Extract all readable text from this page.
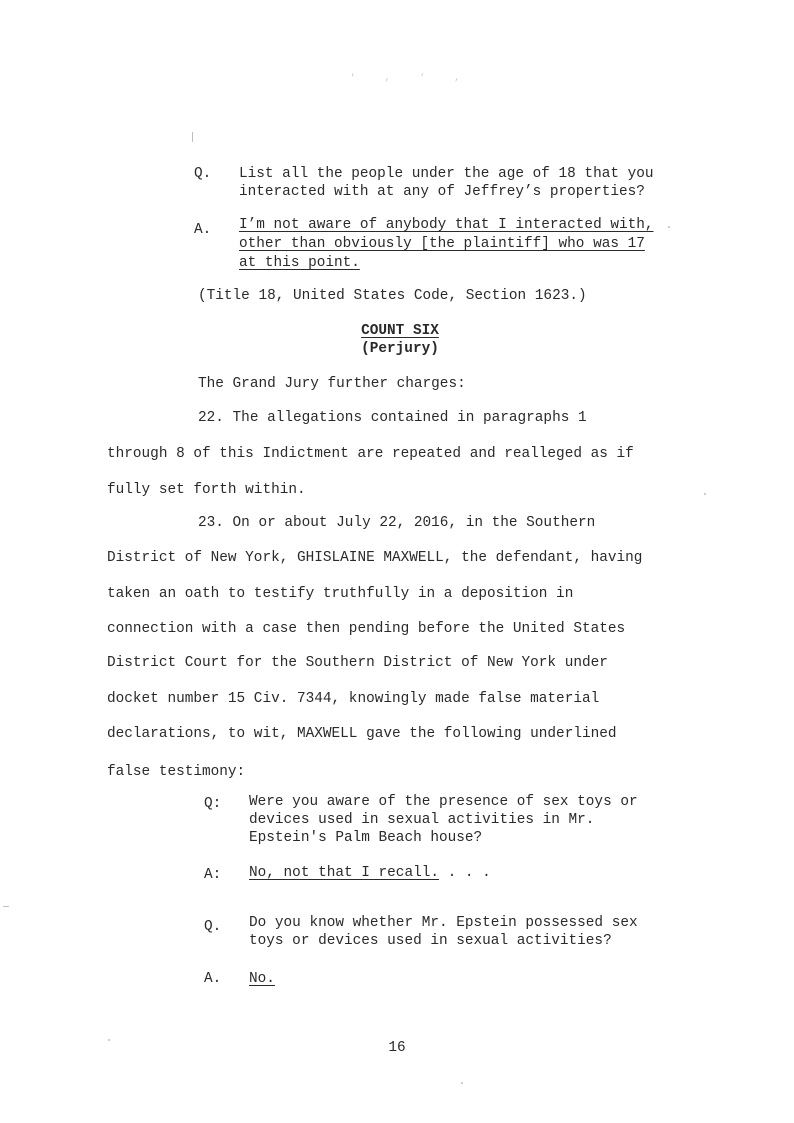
' , ’ ,
Q. List all the people under the age of 18 that you
interacted with at any of Jeffrey’s properties?
A. I’m not aware of anybody that I interacted with,
other than obviously [the plaintiff] who was 17
at this point.
(Title 18, United States Code, Section 1623.)
COUNT SIX
(Perjury)
The Grand Jury further charges:
22. The allegations contained in paragraphs 1
through 8 of this Indictment are repeated and realleged as if
fully set forth within.
23. On or about July 22, 2016, in the Southern
District of New York, GHISLAINE MAXWELL, the defendant, having
taken an oath to testify truthfully in a deposition in
connection with a case then pending before the United States
District Court for the Southern District of New York under
docket number 15 Civ. 7344, knowingly made false material
declarations, to wit, MAXWELL gave the following underlined
false testimony:
Q: Were you aware of the presence of sex toys or
devices used in sexual activities in Mr.
Epstein's Palm Beach house?
A: No, not that I recall. . . .
Q. Do you know whether Mr. Epstein possessed sex
toys or devices used in sexual activities?
A. No.
16
